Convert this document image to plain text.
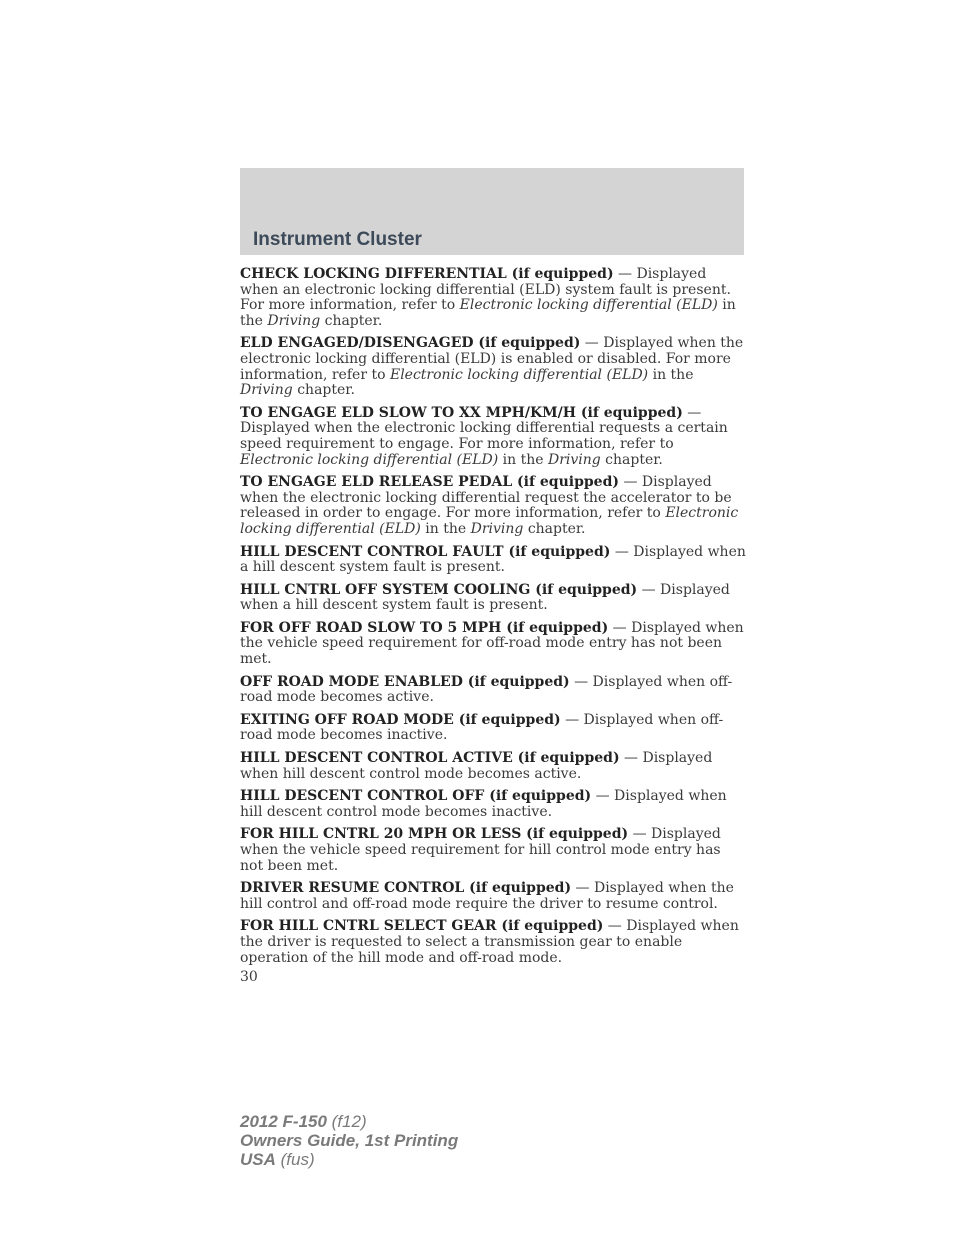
Instrument Cluster

CHECK LOCKING DIFFERENTIAL (if equipped) — Displayed when an electronic locking differential (ELD) system fault is present. For more information, refer to Electronic locking differential (ELD) in the Driving chapter.

ELD ENGAGED/DISENGAGED (if equipped) — Displayed when the electronic locking differential (ELD) is enabled or disabled. For more information, refer to Electronic locking differential (ELD) in the Driving chapter.

TO ENGAGE ELD SLOW TO XX MPH/KM/H (if equipped) — Displayed when the electronic locking differential requests a certain speed requirement to engage. For more information, refer to Electronic locking differential (ELD) in the Driving chapter.

TO ENGAGE ELD RELEASE PEDAL (if equipped) — Displayed when the electronic locking differential request the accelerator to be released in order to engage. For more information, refer to Electronic locking differential (ELD) in the Driving chapter.

HILL DESCENT CONTROL FAULT (if equipped) — Displayed when a hill descent system fault is present.

HILL CNTRL OFF SYSTEM COOLING (if equipped) — Displayed when a hill descent system fault is present.

FOR OFF ROAD SLOW TO 5 MPH (if equipped) — Displayed when the vehicle speed requirement for off-road mode entry has not been met.

OFF ROAD MODE ENABLED (if equipped) — Displayed when off-road mode becomes active.

EXITING OFF ROAD MODE (if equipped) — Displayed when off-road mode becomes inactive.

HILL DESCENT CONTROL ACTIVE (if equipped) — Displayed when hill descent control mode becomes active.

HILL DESCENT CONTROL OFF (if equipped) — Displayed when hill descent control mode becomes inactive.

FOR HILL CNTRL 20 MPH OR LESS (if equipped) — Displayed when the vehicle speed requirement for hill control mode entry has not been met.

DRIVER RESUME CONTROL (if equipped) — Displayed when the hill control and off-road mode require the driver to resume control.

FOR HILL CNTRL SELECT GEAR (if equipped) — Displayed when the driver is requested to select a transmission gear to enable operation of the hill mode and off-road mode.

30
2012 F-150 (f12)
Owners Guide, 1st Printing
USA (fus)
